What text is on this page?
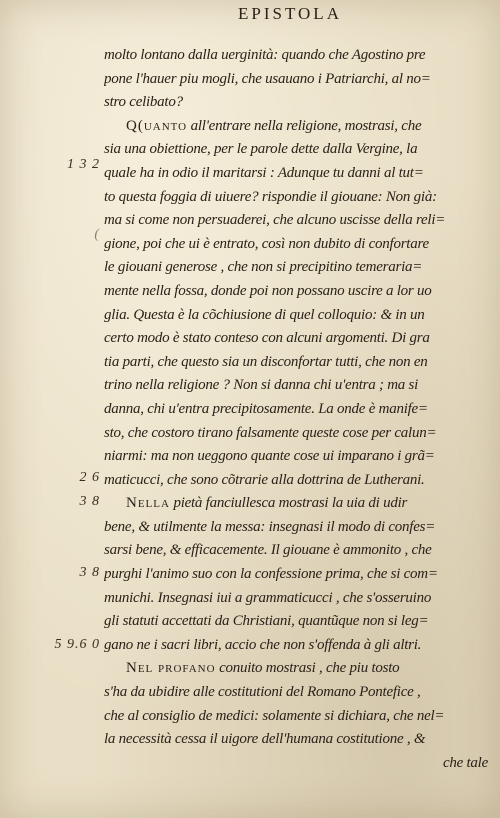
EPISTOLA
1 3 2
(
2 6
3 8
3 8
5 9.6 0
molto lontano dalla uerginità: quando che Agostino pre
pone l'hauer piu mogli, che usauano i Patriarchi, al no=
stro celibato?
Q(uanto all'entrare nella religione, mostrasi, che
sia una obiettione, per le parole dette dalla Vergine, la
quale ha in odio il maritarsi : Adunque tu danni al tut=
to questa foggia di uiuere? rispondie il giouane: Non già:
ma si come non persuaderei, che alcuno uscisse della reli=
gione, poi che ui è entrato, così non dubito di confortare
le giouani generose , che non si precipitino temeraria=
mente nella fossa, donde poi non possano uscire a lor uo
glia. Questa è la cõchiusione di quel colloquio: & in un
certo modo è stato conteso con alcuni argomenti. Di gra
tia parti, che questo sia un disconfortar tutti, che non en
trino nella religione ? Non si danna chi u'entra ; ma si
danna, chi u'entra precipitosamente. La onde è manife=
sto, che costoro tirano falsamente queste cose per calun=
niarmi: ma non ueggono quante cose ui imparano i grã=
maticucci, che sono cõtrarie alla dottrina de Lutherani.
Nella pietà fanciullesca mostrasi la uia di udir
bene, & utilmente la messa: insegnasi il modo di confes=
sarsi bene, & efficacemente. Il giouane è ammonito , che
purghi l'animo suo con la confessione prima, che si com=
munichi. Insegnasi iui a grammaticucci , che s'osseruino
gli statuti accettati da Christiani, quantũque non si leg=
gano ne i sacri libri, accio che non s'offenda à gli altri.
Nel profano conuito mostrasi , che piu tosto
s'ha da ubidire alle costitutioni del Romano Pontefice ,
che al consiglio de medici: solamente si dichiara, che nel=
la necessità cessa il uigore dell'humana costitutione , &
che tale
